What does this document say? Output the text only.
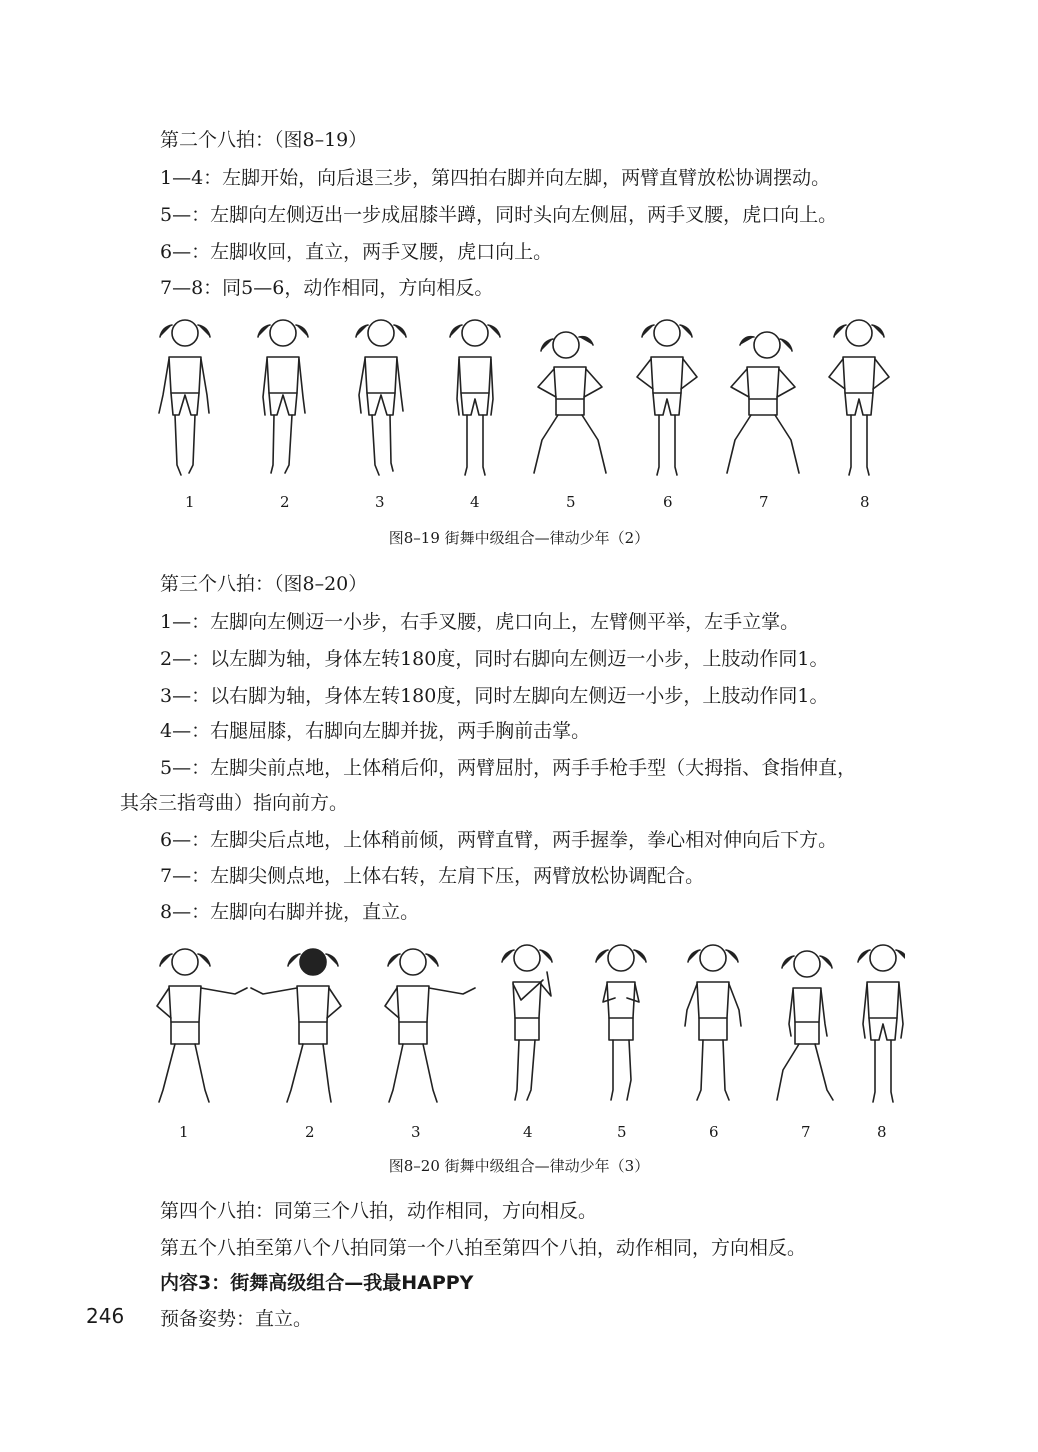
第二个八拍：（图8–19）
1—4：左脚开始，向后退三步，第四拍右脚并向左脚，两臂直臂放松协调摆动。
5—：左脚向左侧迈出一步成屈膝半蹲，同时头向左侧屈，两手叉腰，虎口向上。
6—：左脚收回，直立，两手叉腰，虎口向上。
7—8：同5—6，动作相同，方向相反。
1	2	3	4	5	6	7	8
图8–19 街舞中级组合—律动少年（2）
第三个八拍：（图8–20）
1—：左脚向左侧迈一小步，右手叉腰，虎口向上，左臂侧平举，左手立掌。
2—：以左脚为轴，身体左转180度，同时右脚向左侧迈一小步，上肢动作同1。
3—：以右脚为轴，身体左转180度，同时左脚向左侧迈一小步，上肢动作同1。
4—：右腿屈膝，右脚向左脚并拢，两手胸前击掌。
5—：左脚尖前点地，上体稍后仰，两臂屈肘，两手手枪手型（大拇指、食指伸直，
其余三指弯曲）指向前方。
6—：左脚尖后点地，上体稍前倾，两臂直臂，两手握拳，拳心相对伸向后下方。
7—：左脚尖侧点地，上体右转，左肩下压，两臂放松协调配合。
8—：左脚向右脚并拢，直立。
1	2	3	4	5	6	7	8
图8–20 街舞中级组合—律动少年（3）
第四个八拍：同第三个八拍，动作相同，方向相反。
第五个八拍至第八个八拍同第一个八拍至第四个八拍，动作相同，方向相反。
内容3：街舞高级组合—我最HAPPY
预备姿势：直立。
246
